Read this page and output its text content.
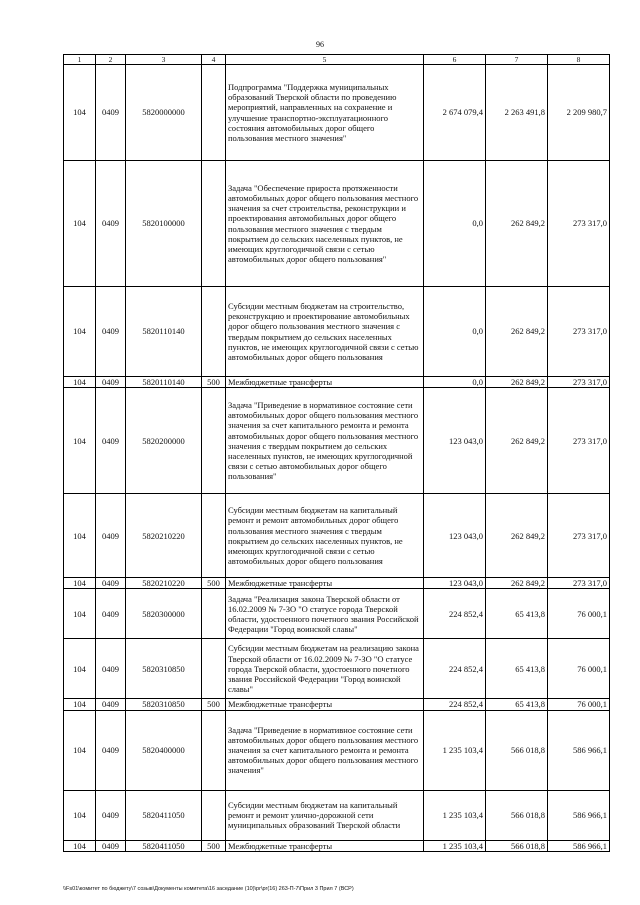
96
1	2	3	4	5	6	7	8
104	0409	5820000000		Подпрограмма "Поддержка муниципальных образований Тверской области по проведению мероприятий, направленных на сохранение и улучшение транспортно-эксплуатационного состояния автомобильных дорог общего пользования местного значения"	2 674 079,4	2 263 491,8	2 209 980,7
104	0409	5820100000		Задача "Обеспечение прироста протяженности автомобильных дорог общего пользования местного значения за счет строительства, реконструкции и проектирования автомобильных дорог общего пользования местного значения с твердым покрытием до сельских населенных пунктов, не имеющих круглогодичной связи с сетью автомобильных дорог общего пользования"	0,0	262 849,2	273 317,0
104	0409	5820110140		Субсидии местным бюджетам на строительство, реконструкцию и проектирование автомобильных дорог общего пользования местного значения с твердым покрытием до сельских населенных пунктов, не имеющих круглогодичной связи с сетью автомобильных дорог общего пользования	0,0	262 849,2	273 317,0
104	0409	5820110140	500	Межбюджетные трансферты	0,0	262 849,2	273 317,0
104	0409	5820200000		Задача "Приведение в нормативное состояние сети автомобильных дорог общего пользования местного значения за счет капитального ремонта и ремонта автомобильных дорог общего пользования местного значения с твердым покрытием до сельских населенных пунктов, не имеющих круглогодичной связи с сетью автомобильных дорог общего пользования"	123 043,0	262 849,2	273 317,0
104	0409	5820210220		Субсидии местным бюджетам на капитальный ремонт и ремонт автомобильных дорог общего пользования местного значения с твердым покрытием до сельских населенных пунктов, не имеющих круглогодичной связи с сетью автомобильных дорог общего пользования	123 043,0	262 849,2	273 317,0
104	0409	5820210220	500	Межбюджетные трансферты	123 043,0	262 849,2	273 317,0
104	0409	5820300000		Задача "Реализация закона Тверской области от 16.02.2009 № 7-ЗО "О статусе города Тверской области, удостоенного почетного звания Российской Федерации "Город воинской славы"	224 852,4	65 413,8	76 000,1
104	0409	5820310850		Субсидии местным бюджетам на реализацию закона Тверской области от 16.02.2009 № 7-ЗО "О статусе города Тверской области, удостоенного почетного звания Российской Федерации "Город воинской славы"	224 852,4	65 413,8	76 000,1
104	0409	5820310850	500	Межбюджетные трансферты	224 852,4	65 413,8	76 000,1
104	0409	5820400000		Задача "Приведение в нормативное состояние сети автомобильных дорог общего пользования местного значения за счет капитального ремонта и ремонта автомобильных дорог общего пользования местного значения"	1 235 103,4	566 018,8	586 966,1
104	0409	5820411050		Субсидии местным бюджетам на капитальный ремонт и ремонт улично-дорожной сети муниципальных образований Тверской области	1 235 103,4	566 018,8	586 966,1
104	0409	5820411050	500	Межбюджетные трансферты	1 235 103,4	566 018,8	586 966,1
\\Fs01\комитет по бюджету\7 созыв\Документы комитета\16 заседание (10)\pr\pr(16) 263-П-7\Прил 3 Прил 7 (ВСР)
